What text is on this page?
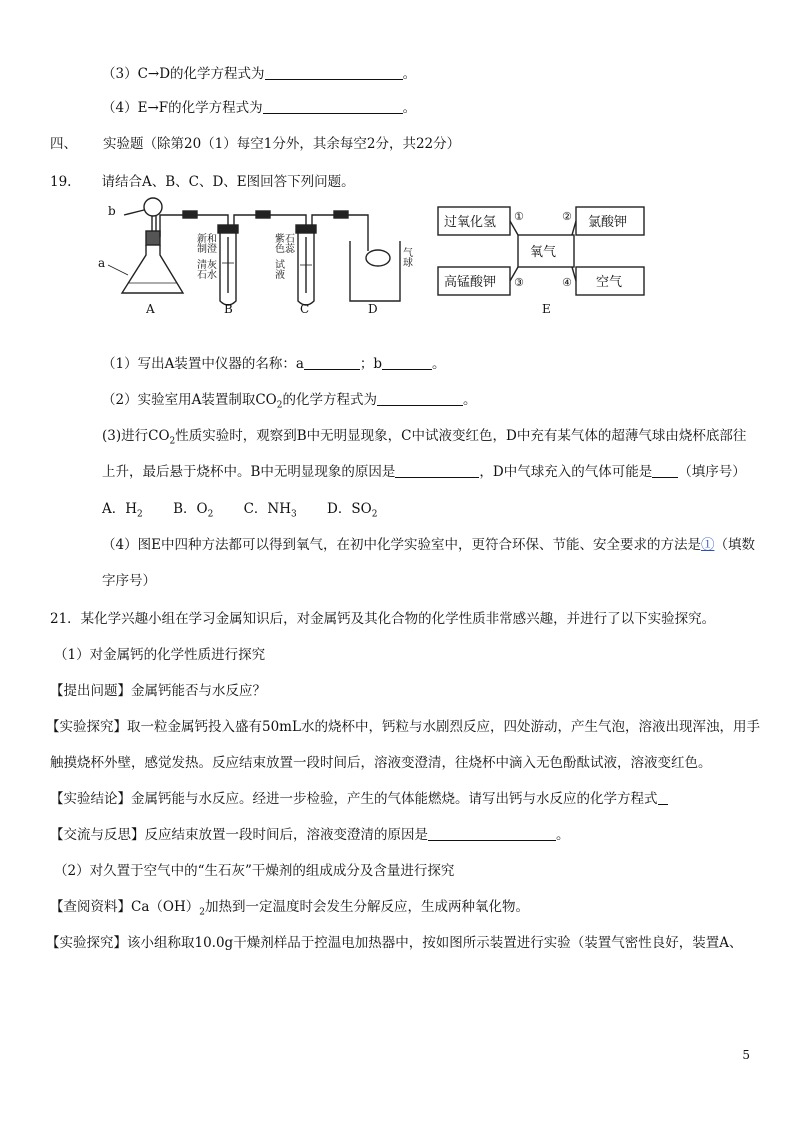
（3）C→D的化学方程式为	。
（4）E→F的化学方程式为	。
四、 实验题（除第20（1）每空1分外，其余每空2分，共22分）
19. 请结合A、B、C、D、E图回答下列问题。
b
a
A	B	C	D
新制 和澄
清石 灰水
紫色 石蕊
试液
气球
过氧化氢	氯酸钾
高锰酸钾	空气
氧气
①	②
③	④
E
（1）写出A装置中仪器的名称：a	；b	。
（2）实验室用A装置制取$CO_2$的化学方程式为	。
(3)进行$CO_2$性质实验时，观察到B中无明显现象，C中试液变红色，D中充有某气体的超薄气球由烧杯底部往
上升，最后悬于烧杯中。B中无明显现象的原因是	，D中气球充入的气体可能是 （填序号）
A．$H_2$ B．$O_2$ C．$NH_3$ D．$SO_2$
（4）图E中四种方法都可以得到氧气，在初中化学实验室中，更符合环保、节能、安全要求的方法是①（填数
字序号）
21．某化学兴趣小组在学习金属知识后，对金属钙及其化合物的化学性质非常感兴趣，并进行了以下实验探究。
（1）对金属钙的化学性质进行探究
【提出问题】金属钙能否与水反应？
【实验探究】取一粒金属钙投入盛有50mL水的烧杯中，钙粒与水剧烈反应，四处游动，产生气泡，溶液出现浑浊，用手
触摸烧杯外壁，感觉发热。反应结束放置一段时间后，溶液变澄清，往烧杯中滴入无色酚酞试液，溶液变红色。
【实验结论】金属钙能与水反应。经进一步检验，产生的气体能燃烧。请写出钙与水反应的化学方程式
【交流与反思】反应结束放置一段时间后，溶液变澄清的原因是	。
（2）对久置于空气中的“生石灰”干燥剂的组成成分及含量进行探究
【查阅资料】$Ca(OH)_2$加热到一定温度时会发生分解反应，生成两种氧化物。
【实验探究】该小组称取10.0g干燥剂样品于控温电加热器中，按如图所示装置进行实验（装置气密性良好，装置A、
5
